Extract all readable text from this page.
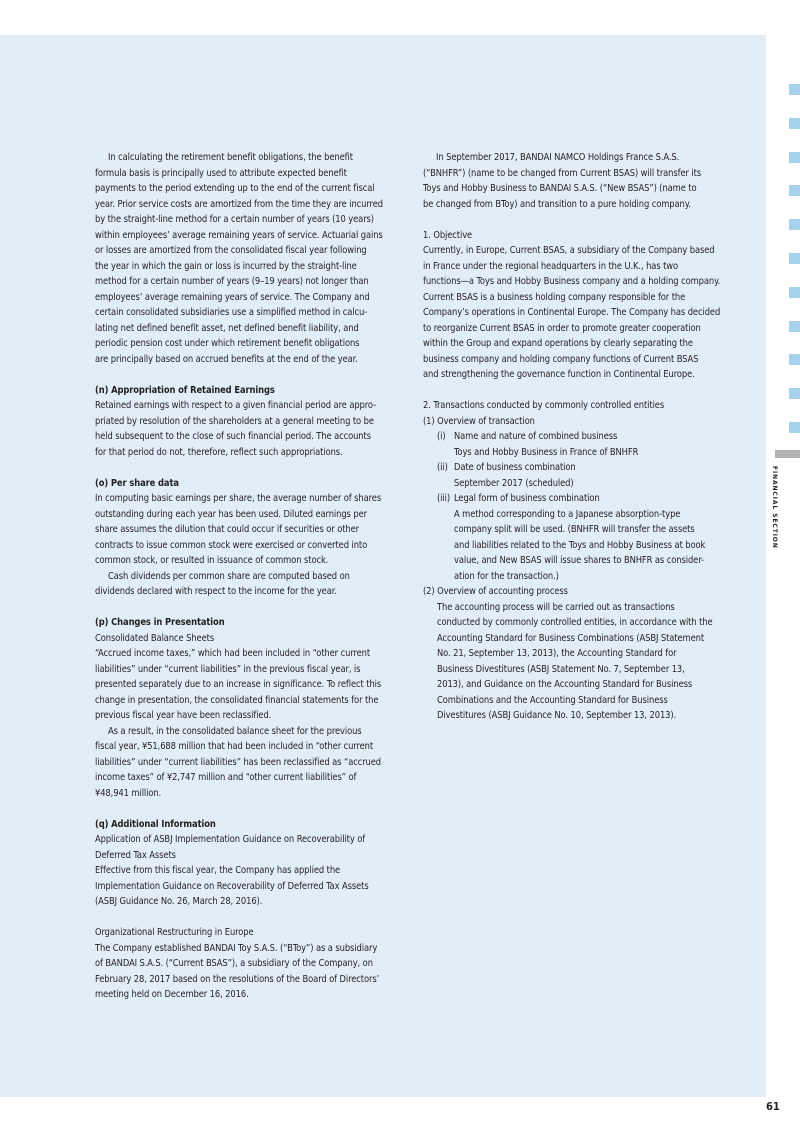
In calculating the retirement benefit obligations, the benefit
formula basis is principally used to attribute expected benefit
payments to the period extending up to the end of the current fiscal
year. Prior service costs are amortized from the time they are incurred
by the straight-line method for a certain number of years (10 years)
within employees’ average remaining years of service. Actuarial gains
or losses are amortized from the consolidated fiscal year following
the year in which the gain or loss is incurred by the straight-line
method for a certain number of years (9–19 years) not longer than
employees’ average remaining years of service. The Company and
certain consolidated subsidiaries use a simplified method in calcu-
lating net defined benefit asset, net defined benefit liability, and
periodic pension cost under which retirement benefit obligations
are principally based on accrued benefits at the end of the year.
(n) Appropriation of Retained Earnings
Retained earnings with respect to a given financial period are appro-
priated by resolution of the shareholders at a general meeting to be
held subsequent to the close of such financial period. The accounts
for that period do not, therefore, reflect such appropriations.
(o) Per share data
In computing basic earnings per share, the average number of shares
outstanding during each year has been used. Diluted earnings per
share assumes the dilution that could occur if securities or other
contracts to issue common stock were exercised or converted into
common stock, or resulted in issuance of common stock.
Cash dividends per common share are computed based on
dividends declared with respect to the income for the year.
(p) Changes in Presentation
Consolidated Balance Sheets
“Accrued income taxes,” which had been included in “other current
liabilities” under “current liabilities” in the previous fiscal year, is
presented separately due to an increase in significance. To reflect this
change in presentation, the consolidated financial statements for the
previous fiscal year have been reclassified.
As a result, in the consolidated balance sheet for the previous
fiscal year, ¥51,688 million that had been included in “other current
liabilities” under “current liabilities” has been reclassified as “accrued
income taxes” of ¥2,747 million and “other current liabilities” of
¥48,941 million.
(q) Additional Information
Application of ASBJ Implementation Guidance on Recoverability of
Deferred Tax Assets
Effective from this fiscal year, the Company has applied the
Implementation Guidance on Recoverability of Deferred Tax Assets
(ASBJ Guidance No. 26, March 28, 2016).
Organizational Restructuring in Europe
The Company established BANDAI Toy S.A.S. (“BToy”) as a subsidiary
of BANDAI S.A.S. (“Current BSAS”), a subsidiary of the Company, on
February 28, 2017 based on the resolutions of the Board of Directors’
meeting held on December 16, 2016.
In September 2017, BANDAI NAMCO Holdings France S.A.S.
(“BNHFR”) (name to be changed from Current BSAS) will transfer its
Toys and Hobby Business to BANDAI S.A.S. (“New BSAS”) (name to
be changed from BToy) and transition to a pure holding company.
1. Objective
Currently, in Europe, Current BSAS, a subsidiary of the Company based
in France under the regional headquarters in the U.K., has two
functions—a Toys and Hobby Business company and a holding company.
Current BSAS is a business holding company responsible for the
Company’s operations in Continental Europe. The Company has decided
to reorganize Current BSAS in order to promote greater cooperation
within the Group and expand operations by clearly separating the
business company and holding company functions of Current BSAS
and strengthening the governance function in Continental Europe.
2. Transactions conducted by commonly controlled entities
(1) Overview of transaction
(i) Name and nature of combined business
Toys and Hobby Business in France of BNHFR
(ii) Date of business combination
September 2017 (scheduled)
(iii) Legal form of business combination
A method corresponding to a Japanese absorption-type
company split will be used. (BNHFR will transfer the assets
and liabilities related to the Toys and Hobby Business at book
value, and New BSAS will issue shares to BNHFR as consider-
ation for the transaction.)
(2) Overview of accounting process
The accounting process will be carried out as transactions
conducted by commonly controlled entities, in accordance with the
Accounting Standard for Business Combinations (ASBJ Statement
No. 21, September 13, 2013), the Accounting Standard for
Business Divestitures (ASBJ Statement No. 7, September 13,
2013), and Guidance on the Accounting Standard for Business
Combinations and the Accounting Standard for Business
Divestitures (ASBJ Guidance No. 10, September 13, 2013).
FINANCIAL SECTION
61
